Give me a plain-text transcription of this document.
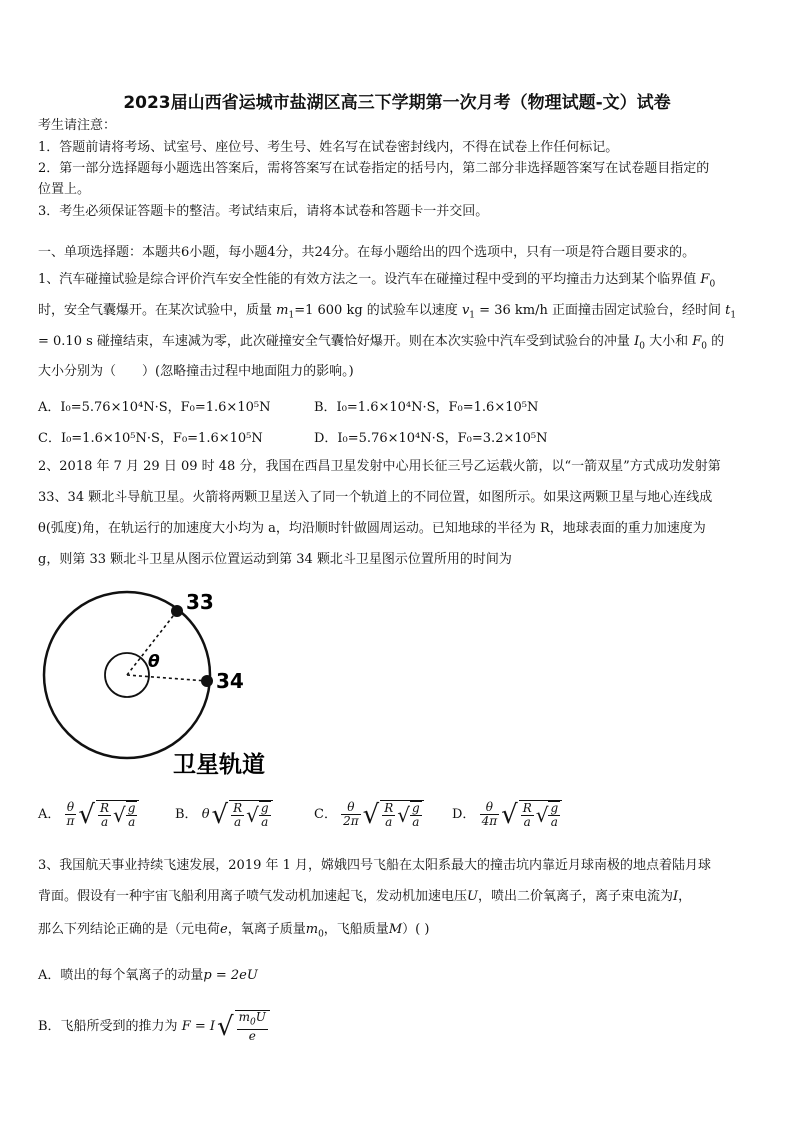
2023届山西省运城市盐湖区高三下学期第一次月考（物理试题-文）试卷
考生请注意：
1．答题前请将考场、试室号、座位号、考生号、姓名写在试卷密封线内，不得在试卷上作任何标记。
2．第一部分选择题每小题选出答案后，需将答案写在试卷指定的括号内，第二部分非选择题答案写在试卷题目指定的
位置上。
3．考生必须保证答题卡的整洁。考试结束后，请将本试卷和答题卡一并交回。
一、单项选择题：本题共6小题，每小题4分，共24分。在每小题给出的四个选项中，只有一项是符合题目要求的。
1、汽车碰撞试验是综合评价汽车安全性能的有效方法之一。设汽车在碰撞过程中受到的平均撞击力达到某个临界值 $F_0$
时，安全气囊爆开。在某次试验中，质量 $m_1=1$ 600 kg 的试验车以速度 $v_1 = 36$ km/h 正面撞击固定试验台，经时间 $t_1$
= 0.10 s 碰撞结束，车速减为零，此次碰撞安全气囊恰好爆开。则在本次实验中汽车受到试验台的冲量 $I_0$ 大小和 $F_0$ 的
大小分别为（　　）(忽略撞击过程中地面阻力的影响。)
A．I₀=5.76×10⁴N·S，F₀=1.6×10⁵N	B．I₀=1.6×10⁴N·S，F₀=1.6×10⁵N
C．I₀=1.6×10⁵N·S，F₀=1.6×10⁵N	D．I₀=5.76×10⁴N·S，F₀=3.2×10⁵N
2、2018 年 7 月 29 日 09 时 48 分，我国在西昌卫星发射中心用长征三号乙运载火箭，以“一箭双星”方式成功发射第
33、34 颗北斗导航卫星。火箭将两颗卫星送入了同一个轨道上的不同位置，如图所示。如果这两颗卫星与地心连线成
θ(弧度)角，在轨运行的加速度大小均为 a，均沿顺时针做圆周运动。已知地球的半径为 R，地球表面的重力加速度为
g，则第 33 颗北斗卫星从图示位置运动到第 34 颗北斗卫星图示位置所用的时间为
33
34
θ
卫星轨道
A． $\frac{\theta}{\pi}$ √ $\frac{R}{a}$ √ $\frac{g}{a}$	B． $\theta√ \frac{R}{a}$ √ $\frac{g}{a}$	C． $\frac{\theta}{2\pi}$ √ $\frac{R}{a}$ √ $\frac{g}{a}$ D． $\frac{\theta}{4\pi}$ √ $\frac{R}{a}$ √ $\frac{g}{a}$
3、我国航天事业持续飞速发展，2019 年 1 月，嫦娥四号飞船在太阳系最大的撞击坑内靠近月球南极的地点着陆月球
背面。假设有一种宇宙飞船利用离子喷气发动机加速起飞，发动机加速电压U，喷出二价氧离子，离子束电流为I，
那么下列结论正确的是（元电荷e，氧离子质量$m_0$，飞船质量M）( )
A．喷出的每个氧离子的动量p = 2eU
B．飞船所受到的推力为 $F = I√ \frac{m_0U}{e}$
